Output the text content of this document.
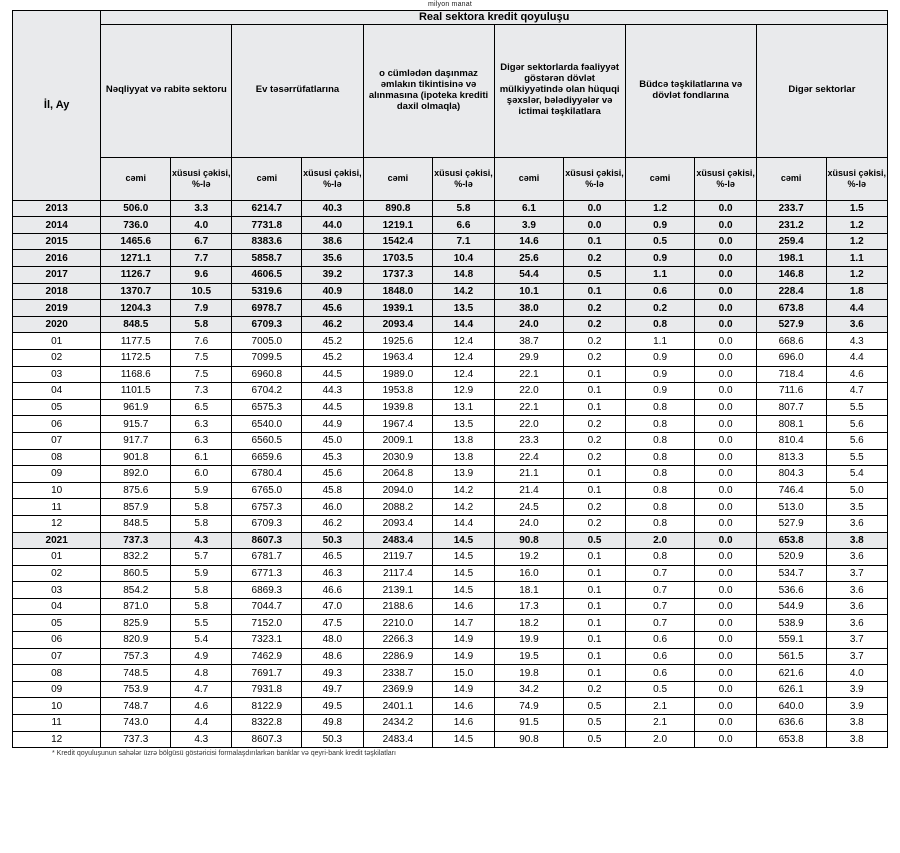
milyon manat
İl, Ay	Real sektora kredit qoyuluşu											
	Nəqliyyat və rabitə sektoru		Ev təsərrüfatlarına		o cümlədən daşınmaz əmlakın tikintisinə və alınmasına (ipoteka krediti daxil olmaqla)		Digər sektorlarda fəaliyyət göstərən dövlət mülkiyyətində olan hüquqi şəxslər, bələdiyyələr və ictimai təşkilatlara		Büdcə təşkilatlarına və dövlət fondlarına		Digər sektorlar	
	cəmi	xüsusi çəkisi, %-lə	cəmi	xüsusi çəkisi, %-lə	cəmi	xüsusi çəkisi, %-lə	cəmi	xüsusi çəkisi, %-lə	cəmi	xüsusi çəkisi, %-lə	cəmi	xüsusi çəkisi, %-lə
2013	506.0	3.3	6214.7	40.3	890.8	5.8	6.1	0.0	1.2	0.0	233.7	1.5
2014	736.0	4.0	7731.8	44.0	1219.1	6.6	3.9	0.0	0.9	0.0	231.2	1.2
2015	1465.6	6.7	8383.6	38.6	1542.4	7.1	14.6	0.1	0.5	0.0	259.4	1.2
2016	1271.1	7.7	5858.7	35.6	1703.5	10.4	25.6	0.2	0.9	0.0	198.1	1.1
2017	1126.7	9.6	4606.5	39.2	1737.3	14.8	54.4	0.5	1.1	0.0	146.8	1.2
2018	1370.7	10.5	5319.6	40.9	1848.0	14.2	10.1	0.1	0.6	0.0	228.4	1.8
2019	1204.3	7.9	6978.7	45.6	1939.1	13.5	38.0	0.2	0.2	0.0	673.8	4.4
2020	848.5	5.8	6709.3	46.2	2093.4	14.4	24.0	0.2	0.8	0.0	527.9	3.6
01	1177.5	7.6	7005.0	45.2	1925.6	12.4	38.7	0.2	1.1	0.0	668.6	4.3
02	1172.5	7.5	7099.5	45.2	1963.4	12.4	29.9	0.2	0.9	0.0	696.0	4.4
03	1168.6	7.5	6960.8	44.5	1989.0	12.4	22.1	0.1	0.9	0.0	718.4	4.6
04	1101.5	7.3	6704.2	44.3	1953.8	12.9	22.0	0.1	0.9	0.0	711.6	4.7
05	961.9	6.5	6575.3	44.5	1939.8	13.1	22.1	0.1	0.8	0.0	807.7	5.5
06	915.7	6.3	6540.0	44.9	1967.4	13.5	22.0	0.2	0.8	0.0	808.1	5.6
07	917.7	6.3	6560.5	45.0	2009.1	13.8	23.3	0.2	0.8	0.0	810.4	5.6
08	901.8	6.1	6659.6	45.3	2030.9	13.8	22.4	0.2	0.8	0.0	813.3	5.5
09	892.0	6.0	6780.4	45.6	2064.8	13.9	21.1	0.1	0.8	0.0	804.3	5.4
10	875.6	5.9	6765.0	45.8	2094.0	14.2	21.4	0.1	0.8	0.0	746.4	5.0
11	857.9	5.8	6757.3	46.0	2088.2	14.2	24.5	0.2	0.8	0.0	513.0	3.5
12	848.5	5.8	6709.3	46.2	2093.4	14.4	24.0	0.2	0.8	0.0	527.9	3.6
2021	737.3	4.3	8607.3	50.3	2483.4	14.5	90.8	0.5	2.0	0.0	653.8	3.8
01	832.2	5.7	6781.7	46.5	2119.7	14.5	19.2	0.1	0.8	0.0	520.9	3.6
02	860.5	5.9	6771.3	46.3	2117.4	14.5	16.0	0.1	0.7	0.0	534.7	3.7
03	854.2	5.8	6869.3	46.6	2139.1	14.5	18.1	0.1	0.7	0.0	536.6	3.6
04	871.0	5.8	7044.7	47.0	2188.6	14.6	17.3	0.1	0.7	0.0	544.9	3.6
05	825.9	5.5	7152.0	47.5	2210.0	14.7	18.2	0.1	0.7	0.0	538.9	3.6
06	820.9	5.4	7323.1	48.0	2266.3	14.9	19.9	0.1	0.6	0.0	559.1	3.7
07	757.3	4.9	7462.9	48.6	2286.9	14.9	19.5	0.1	0.6	0.0	561.5	3.7
08	748.5	4.8	7691.7	49.3	2338.7	15.0	19.8	0.1	0.6	0.0	621.6	4.0
09	753.9	4.7	7931.8	49.7	2369.9	14.9	34.2	0.2	0.5	0.0	626.1	3.9
10	748.7	4.6	8122.9	49.5	2401.1	14.6	74.9	0.5	2.1	0.0	640.0	3.9
11	743.0	4.4	8322.8	49.8	2434.2	14.6	91.5	0.5	2.1	0.0	636.6	3.8
12	737.3	4.3	8607.3	50.3	2483.4	14.5	90.8	0.5	2.0	0.0	653.8	3.8
* Kredit qoyuluşunun sahələr üzrə bölgüsü göstəricisi formalaşdırılarkən banklar və qeyri-bank kredit təşkilatları
